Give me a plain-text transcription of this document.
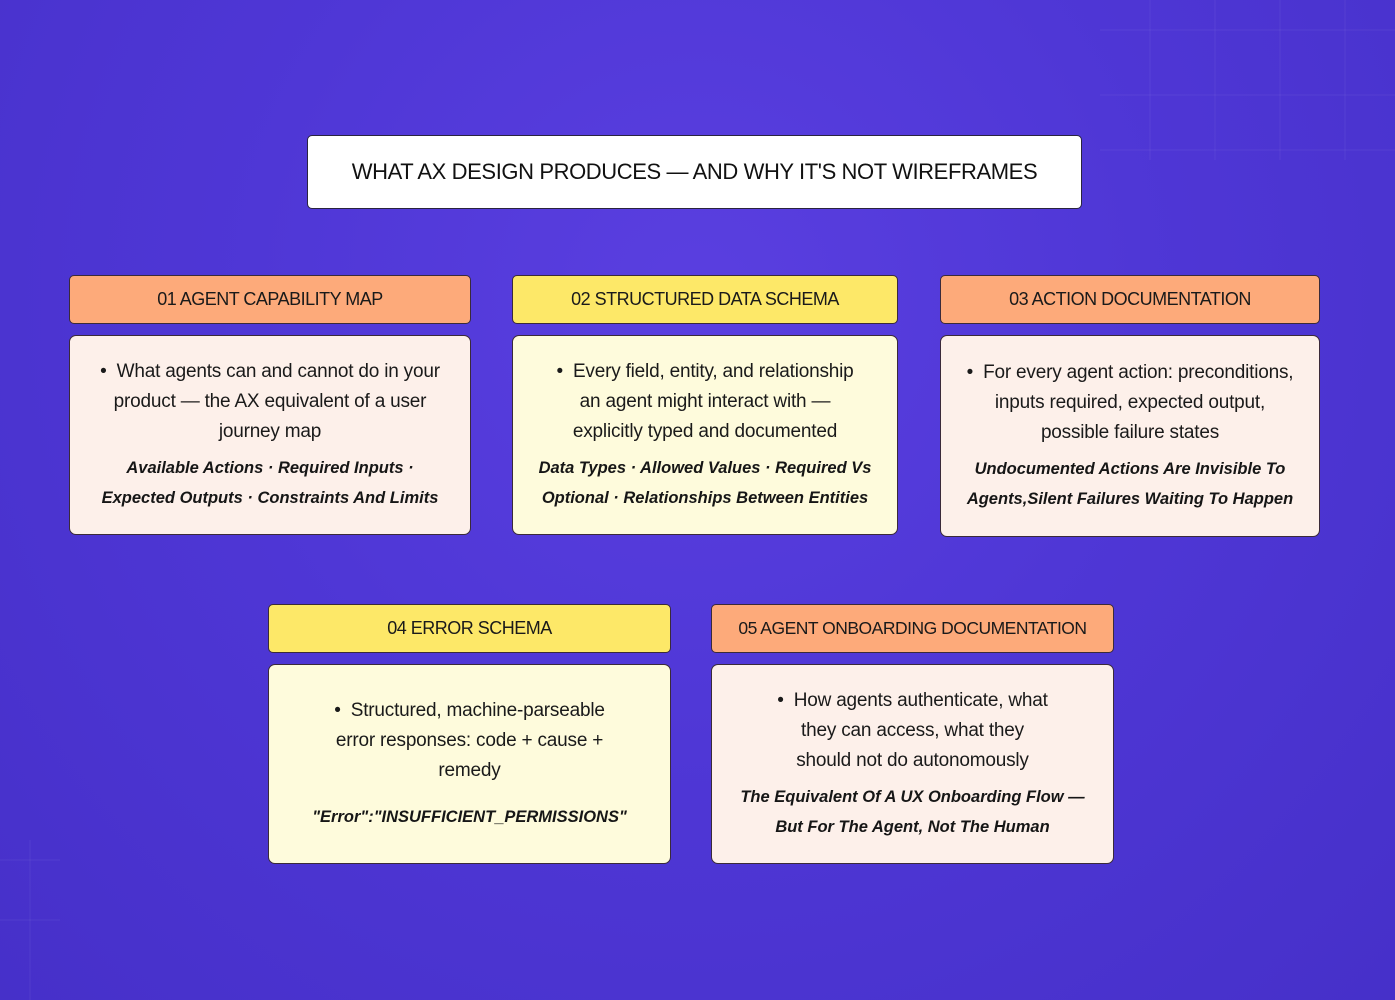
WHAT AX DESIGN PRODUCES — AND WHY IT'S NOT WIREFRAMES
01 AGENT CAPABILITY MAP
• What agents can and cannot do in your
product — the AX equivalent of a user
journey map
Available Actions · Required Inputs ·
Expected Outputs · Constraints And Limits
02 STRUCTURED DATA SCHEMA
• Every field, entity, and relationship
an agent might interact with —
explicitly typed and documented
Data Types · Allowed Values · Required Vs
Optional · Relationships Between Entities
03 ACTION DOCUMENTATION
• For every agent action: preconditions,
inputs required, expected output,
possible failure states
Undocumented Actions Are Invisible To
Agents,Silent Failures Waiting To Happen
04 ERROR SCHEMA
• Structured, machine-parseable
error responses: code + cause +
remedy
"Error":"INSUFFICIENT_PERMISSIONS"
05 AGENT ONBOARDING DOCUMENTATION
• How agents authenticate, what
they can access, what they
should not do autonomously
The Equivalent Of A UX Onboarding Flow —
But For The Agent, Not The Human
